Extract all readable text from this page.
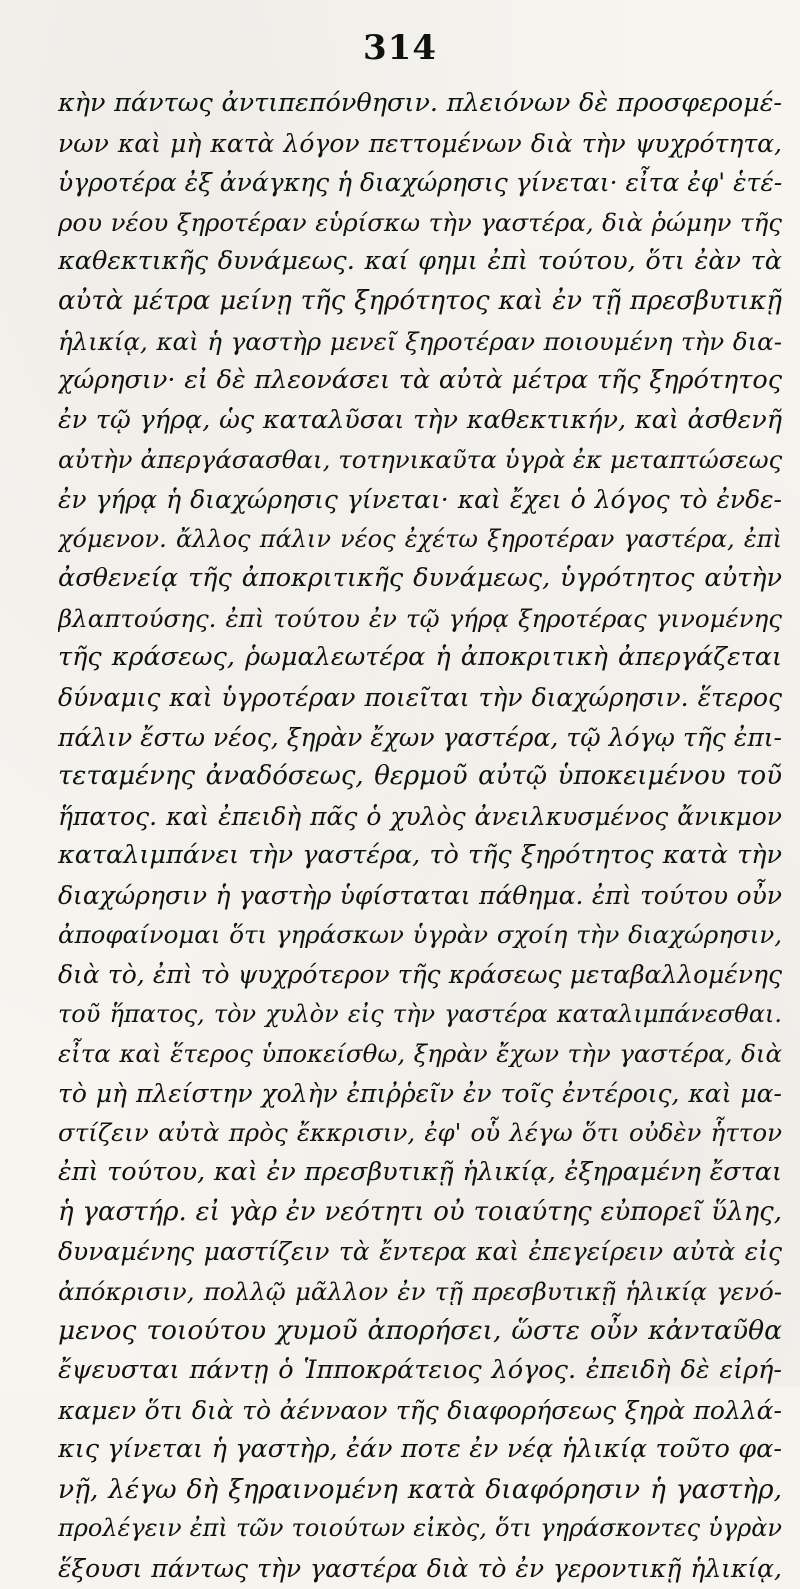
314
κὴν πάντως ἀντιπεπόνθησιν. πλειόνων δὲ προσφερομέ-
νων καὶ μὴ κατὰ λόγον πεττομένων διὰ τὴν ψυχρότητα,
ὑγροτέρα ἐξ ἀνάγκης ἡ διαχώρησις γίνεται· εἶτα ἐφ' ἑτέ-
ρου νέου ξηροτέραν εὑρίσκω τὴν γαστέρα, διὰ ῥώμην τῆς
καθεκτικῆς δυνάμεως. καί φημι ἐπὶ τούτου, ὅτι ἐὰν τὰ
αὐτὰ μέτρα μείνῃ τῆς ξηρότητος καὶ ἐν τῇ πρεσβυτικῇ
ἡλικίᾳ, καὶ ἡ γαστὴρ μενεῖ ξηροτέραν ποιουμένη τὴν δια-
χώρησιν· εἰ δὲ πλεονάσει τὰ αὐτὰ μέτρα τῆς ξηρότητος
ἐν τῷ γήρᾳ, ὡς καταλῦσαι τὴν καθεκτικήν, καὶ ἀσθενῆ
αὐτὴν ἀπεργάσασθαι, τοτηνικαῦτα ὑγρὰ ἐκ μεταπτώσεως
ἐν γήρᾳ ἡ διαχώρησις γίνεται· καὶ ἔχει ὁ λόγος τὸ ἐνδε-
χόμενον. ἄλλος πάλιν νέος ἐχέτω ξηροτέραν γαστέρα, ἐπὶ
ἀσθενείᾳ τῆς ἀποκριτικῆς δυνάμεως, ὑγρότητος αὐτὴν
βλαπτούσης. ἐπὶ τούτου ἐν τῷ γήρᾳ ξηροτέρας γινομένης
τῆς κράσεως, ῥωμαλεωτέρα ἡ ἀποκριτικὴ ἀπεργάζεται
δύναμις καὶ ὑγροτέραν ποιεῖται τὴν διαχώρησιν. ἕτερος
πάλιν ἔστω νέος, ξηρὰν ἔχων γαστέρα, τῷ λόγῳ τῆς ἐπι-
τεταμένης ἀναδόσεως, θερμοῦ αὐτῷ ὑποκειμένου τοῦ
ἥπατος. καὶ ἐπειδὴ πᾶς ὁ χυλὸς ἀνειλκυσμένος ἄνικμον
καταλιμπάνει τὴν γαστέρα, τὸ τῆς ξηρότητος κατὰ τὴν
διαχώρησιν ἡ γαστὴρ ὑφίσταται πάθημα. ἐπὶ τούτου οὖν
ἀποφαίνομαι ὅτι γηράσκων ὑγρὰν σχοίη τὴν διαχώρησιν,
διὰ τὸ, ἐπὶ τὸ ψυχρότερον τῆς κράσεως μεταβαλλομένης
τοῦ ἥπατος, τὸν χυλὸν εἰς τὴν γαστέρα καταλιμπάνεσθαι.
εἶτα καὶ ἕτερος ὑποκείσθω, ξηρὰν ἔχων τὴν γαστέρα, διὰ
τὸ μὴ πλείστην χολὴν ἐπιῤῥεῖν ἐν τοῖς ἐντέροις, καὶ μα-
στίζειν αὐτὰ πρὸς ἔκκρισιν, ἐφ' οὗ λέγω ὅτι οὐδὲν ἧττον
ἐπὶ τούτου, καὶ ἐν πρεσβυτικῇ ἡλικίᾳ, ἐξηραμένη ἔσται
ἡ γαστήρ. εἰ γὰρ ἐν νεότητι οὐ τοιαύτης εὐπορεῖ ὕλης,
δυναμένης μαστίζειν τὰ ἔντερα καὶ ἐπεγείρειν αὐτὰ εἰς
ἀπόκρισιν, πολλῷ μᾶλλον ἐν τῇ πρεσβυτικῇ ἡλικίᾳ γενό-
μενος τοιούτου χυμοῦ ἀπορήσει, ὥστε οὖν κἀνταῦθα
ἔψευσται πάντῃ ὁ Ἱπποκράτειος λόγος. ἐπειδὴ δὲ εἰρή-
καμεν ὅτι διὰ τὸ ἀένναον τῆς διαφορήσεως ξηρὰ πολλά-
κις γίνεται ἡ γαστὴρ, ἐάν ποτε ἐν νέᾳ ἡλικίᾳ τοῦτο φα-
νῇ, λέγω δὴ ξηραινομένη κατὰ διαφόρησιν ἡ γαστὴρ,
προλέγειν ἐπὶ τῶν τοιούτων εἰκὸς, ὅτι γηράσκοντες ὑγρὰν
ἕξουσι πάντως τὴν γαστέρα διὰ τὸ ἐν γεροντικῇ ἡλικίᾳ,
